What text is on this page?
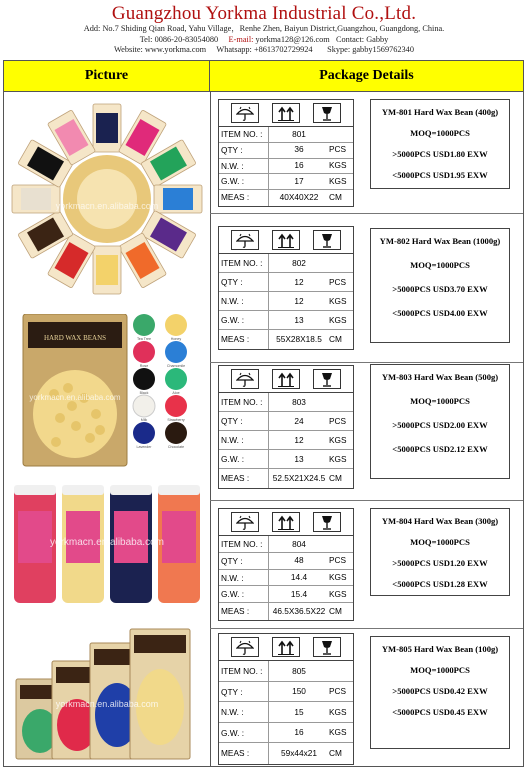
Guangzhou Yorkma Industrial Co.,Ltd.
Add: No.7 Shiding Qian Road, Yahu Village，Renhe Zhen, Baiyun District,Guangzhou, Guangdong, China.
Tel: 0086-20-83054080 E-mail: yorkma128@126.com Contact: Gabby
Website: www.yorkma.com Whatsapp: +8613702729924 Skype: gabby1569762340
Picture	Package Details
yorkmacn.en.alibaba.com
HARD WAX BEANS	Tea Tree	Honey
Rose	Chamomile
Black	Aloe
Milk	Strawberry
Lavender	Chocolate
yorkmacn.en.alibaba.com
yorkmacn.en.alibaba.com
yorkmacn.en.alibaba.com
ITEM NO. :	801
QTY :	36	PCS
N.W. :	16	KGS
G.W. :	17	KGS
MEAS :	40X40X22	CM
YM-801 Hard Wax Bean (400g)
MOQ=1000PCS
>5000PCS USD1.80 EXW
<5000PCS USD1.95 EXW
ITEM NO. :	802
QTY :	12	PCS
N.W. :	12	KGS
G.W. :	13	KGS
MEAS :	55X28X18.5 CM
YM-802 Hard Wax Bean (1000g)
MOQ=1000PCS
>5000PCS USD3.70 EXW
<5000PCS USD4.00 EXW
ITEM NO. :	803
QTY :	24	PCS
N.W. :	12	KGS
G.W. :	13	KGS
MEAS :	52.5X21X24.5 CM
YM-803 Hard Wax Bean (500g)
MOQ=1000PCS
>5000PCS USD2.00 EXW
<5000PCS USD2.12 EXW
ITEM NO. :	804
QTY :	48	PCS
N.W. :	14.4	KGS
G.W. :	15.4	KGS
MEAS :	46.5X36.5X22 CM
YM-804 Hard Wax Bean (300g)
MOQ=1000PCS
>5000PCS USD1.20 EXW
<5000PCS USD1.28 EXW
ITEM NO. :	805
QTY :	150	PCS
N.W. :	15	KGS
G.W. :	16	KGS
MEAS :	59x44x21	CM
YM-805 Hard Wax Bean (100g)
MOQ=1000PCS
>5000PCS USD0.42 EXW
<5000PCS USD0.45 EXW
